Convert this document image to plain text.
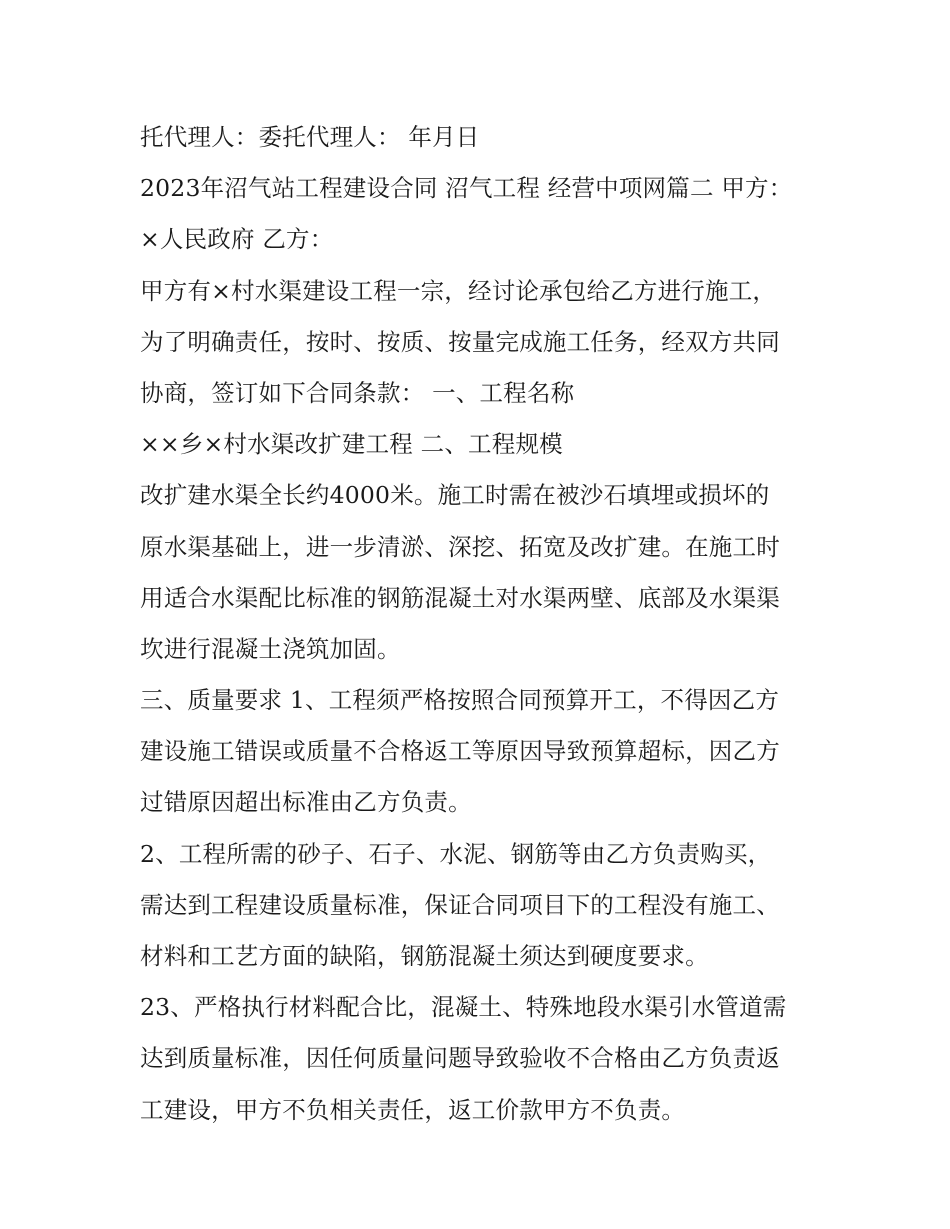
托代理人：委托代理人： 年月日
2023年沼气站工程建设合同 沼气工程 经营中项网篇二 甲方：
×人民政府 乙方：
甲方有×村水渠建设工程一宗，经讨论承包给乙方进行施工，
为了明确责任，按时、按质、按量完成施工任务，经双方共同
协商，签订如下合同条款： 一、工程名称
××乡×村水渠改扩建工程 二、工程规模
改扩建水渠全长约4000米。施工时需在被沙石填埋或损坏的
原水渠基础上，进一步清淤、深挖、拓宽及改扩建。在施工时
用适合水渠配比标准的钢筋混凝土对水渠两壁、底部及水渠渠
坎进行混凝土浇筑加固。
三、质量要求 1、工程须严格按照合同预算开工，不得因乙方
建设施工错误或质量不合格返工等原因导致预算超标，因乙方
过错原因超出标准由乙方负责。
2、工程所需的砂子、石子、水泥、钢筋等由乙方负责购买，
需达到工程建设质量标准，保证合同项目下的工程没有施工、
材料和工艺方面的缺陷，钢筋混凝土须达到硬度要求。
23、严格执行材料配合比，混凝土、特殊地段水渠引水管道需
达到质量标准，因任何质量问题导致验收不合格由乙方负责返
工建设，甲方不负相关责任，返工价款甲方不负责。
